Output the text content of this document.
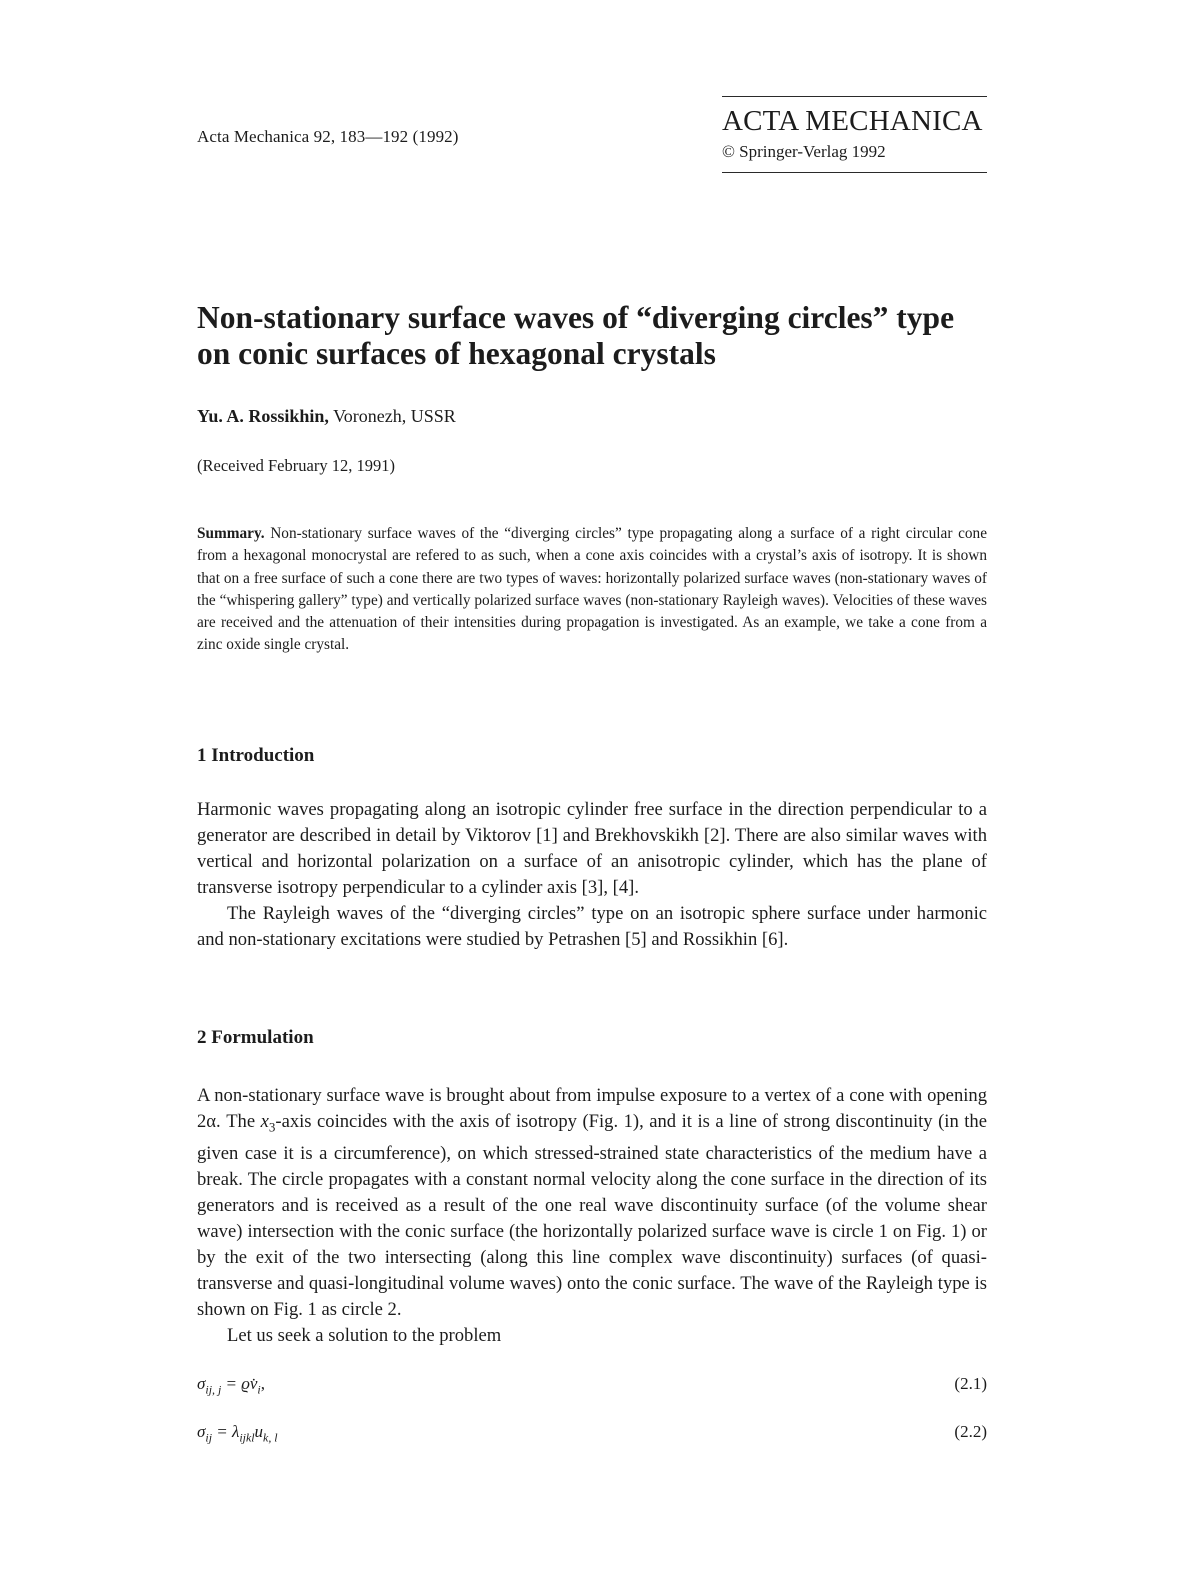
Acta Mechanica 92, 183—192 (1992)	ACTA MECHANICA
© Springer-Verlag 1992
Non-stationary surface waves of “diverging circles” type on conic surfaces of hexagonal crystals
Yu. A. Rossikhin, Voronezh, USSR
(Received February 12, 1991)
Summary. Non-stationary surface waves of the “diverging circles” type propagating along a surface of a right circular cone from a hexagonal monocrystal are refered to as such, when a cone axis coincides with a crystal’s axis of isotropy. It is shown that on a free surface of such a cone there are two types of waves: horizontally polarized surface waves (non-stationary waves of the “whispering gallery” type) and vertically polarized surface waves (non-stationary Rayleigh waves). Velocities of these waves are received and the attenuation of their intensities during propagation is investigated. As an example, we take a cone from a zinc oxide single crystal.
1 Introduction

Harmonic waves propagating along an isotropic cylinder free surface in the direction perpendicular to a generator are described in detail by Viktorov [1] and Brekhovskikh [2]. There are also similar waves with vertical and horizontal polarization on a surface of an anisotropic cylinder, which has the plane of transverse isotropy perpendicular to a cylinder axis [3], [4].

The Rayleigh waves of the “diverging circles” type on an isotropic sphere surface under harmonic and non-stationary excitations were studied by Petrashen [5] and Rossikhin [6].

2 Formulation

A non-stationary surface wave is brought about from impulse exposure to a vertex of a cone with opening 2α. The $x_3$-axis coincides with the axis of isotropy (Fig. 1), and it is a line of strong discontinuity (in the given case it is a circumference), on which stressed-strained state characteristics of the medium have a break. The circle propagates with a constant normal velocity along the cone surface in the direction of its generators and is received as a result of the one real wave discontinuity surface (of the volume shear wave) intersection with the conic surface (the horizontally polarized surface wave is circle 1 on Fig. 1) or by the exit of the two intersecting (along this line complex wave discontinuity) surfaces (of quasi-transverse and quasi-longitudinal volume waves) onto the conic surface. The wave of the Rayleigh type is shown on Fig. 1 as circle 2.

Let us seek a solution to the problem

$\sigma_{ij, j}$ = $ϱv̇_i$,	(2.1)
$\sigma_{ij} = \lambda_{ijkl}u_{k, l}$	(2.2)
